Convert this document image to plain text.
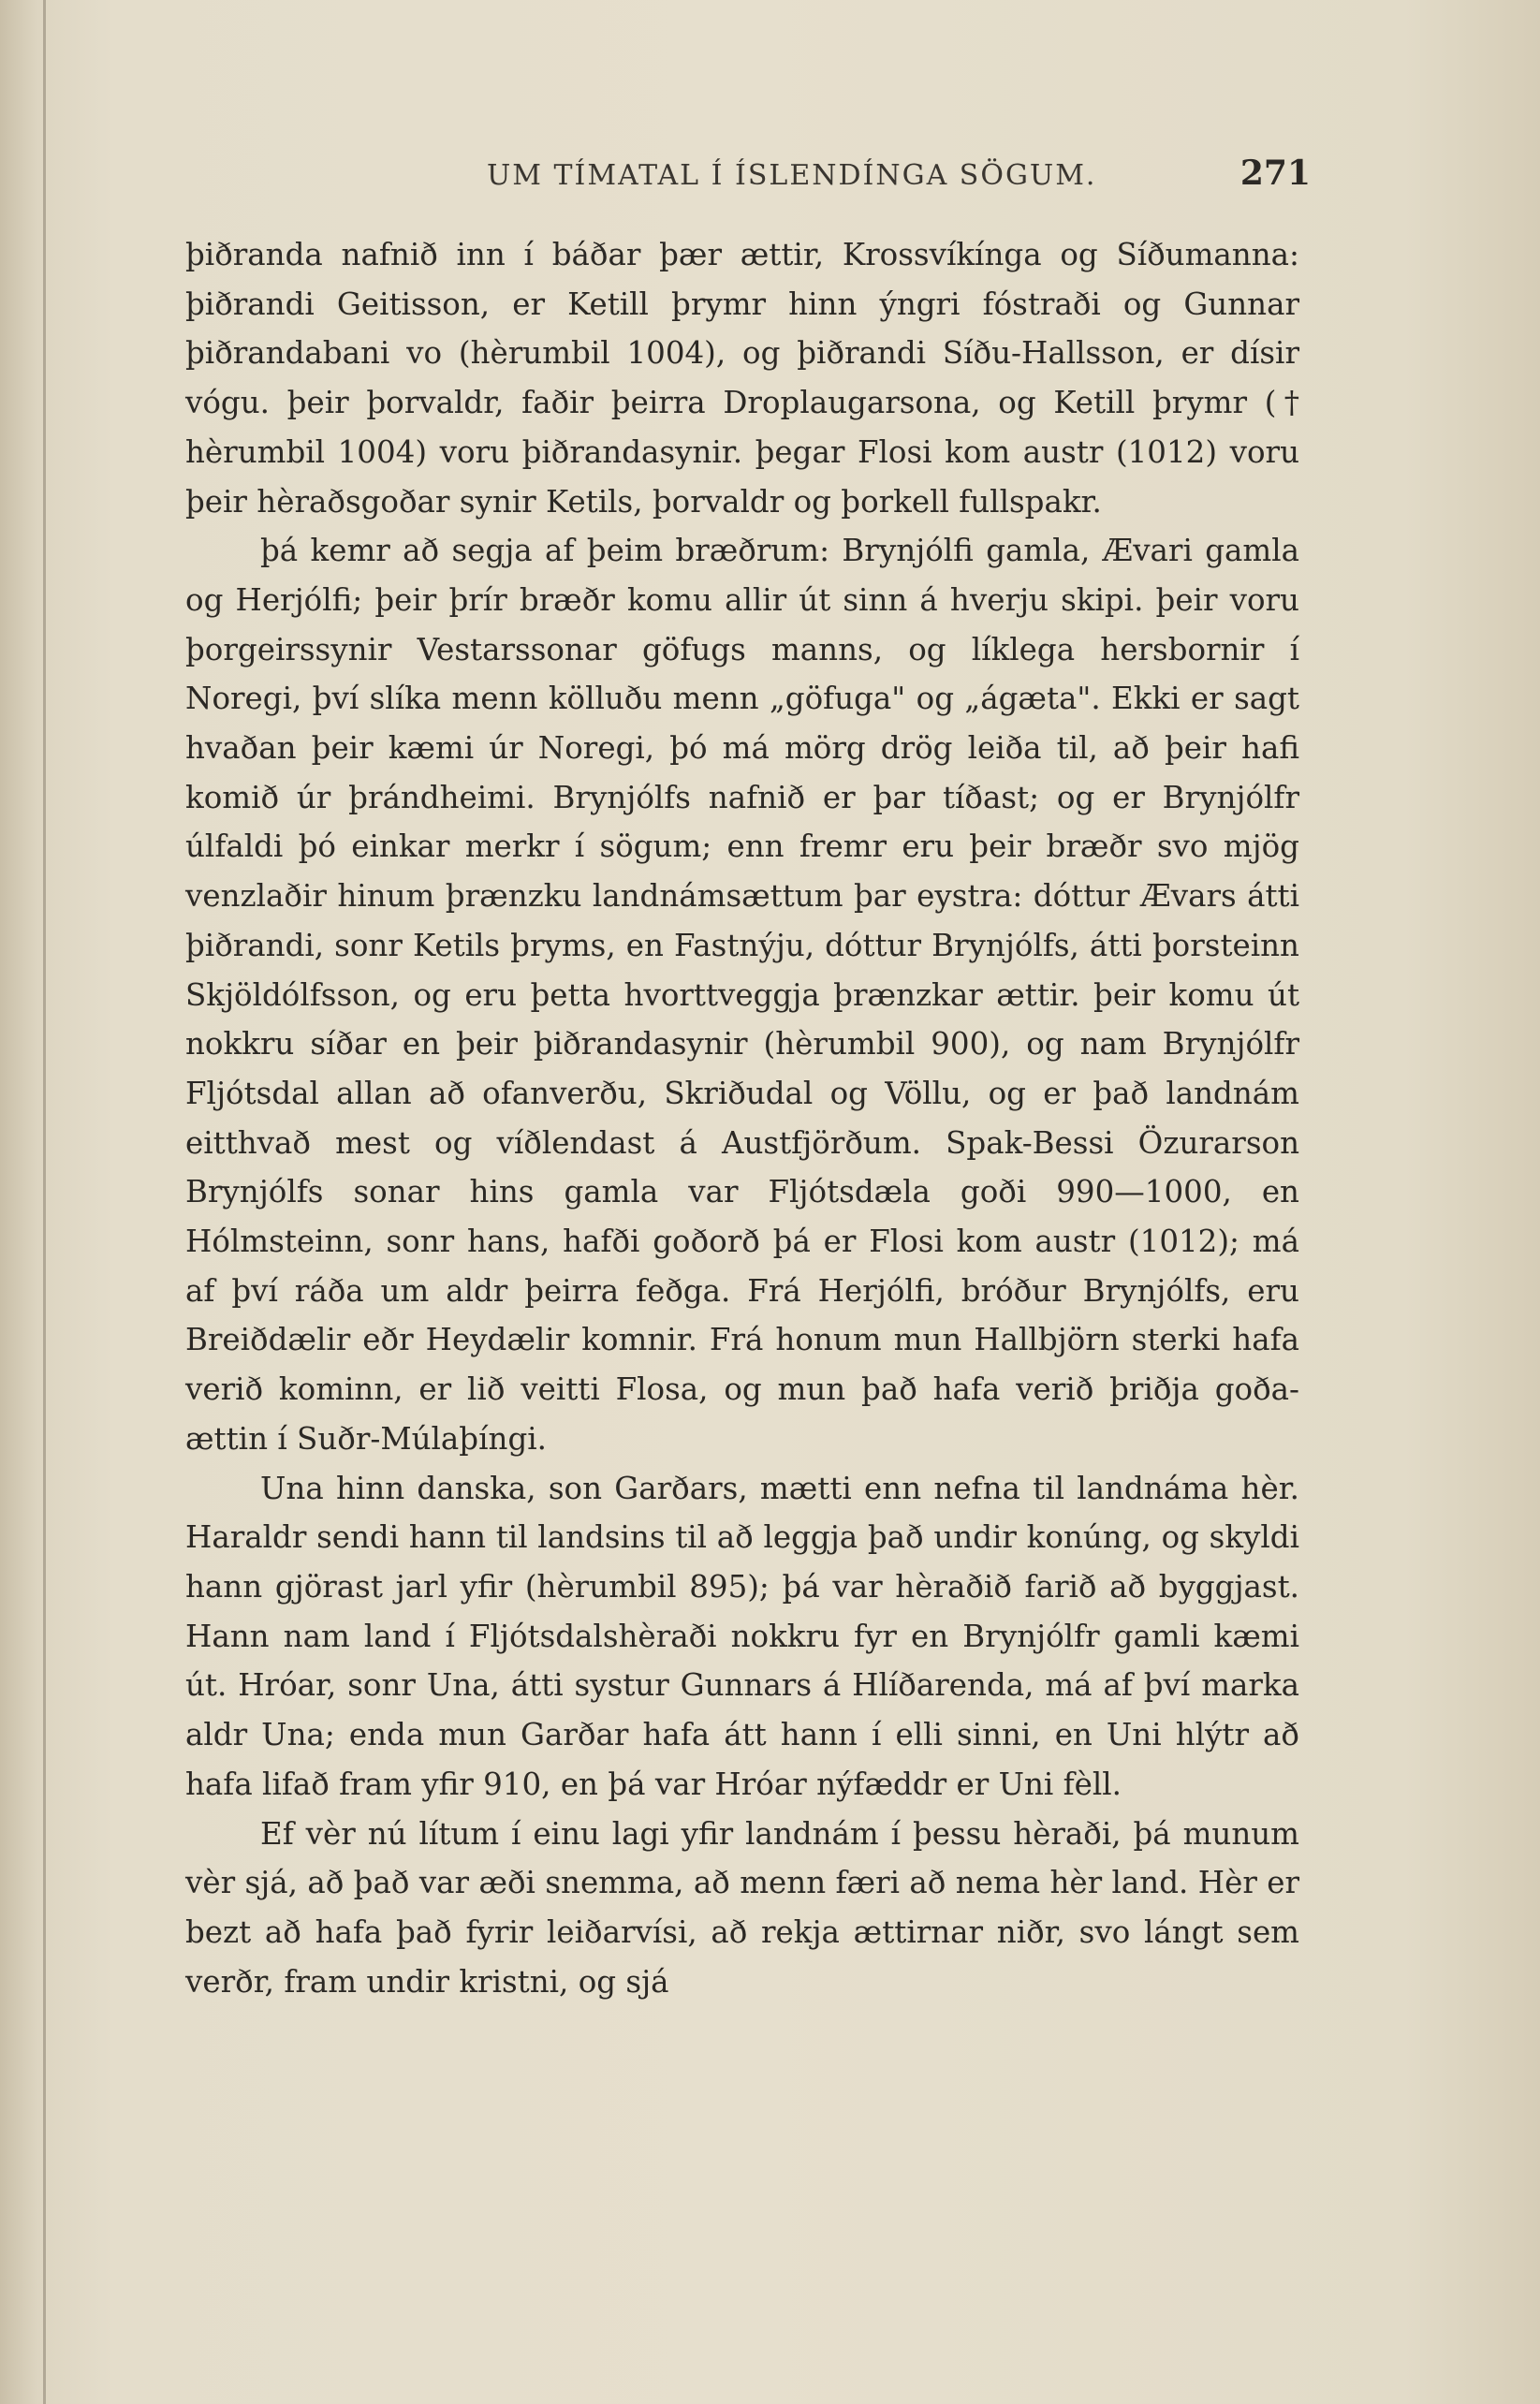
UM TÍMATAL Í ÍSLENDÍNGA SÖGUM.	271

þiðranda nafnið inn í báðar þær ættir, Krossvíkínga og Síðumanna: þiðrandi Geitisson, er Ketill þrymr hinn ýngri fóstraði og Gunnar þiðrandabani vo (hèrumbil 1004), og þiðrandi Síðu-Hallsson, er dísir vógu. þeir þorvaldr, faðir þeirra Droplaugarsona, og Ketill þrymr († hèrumbil 1004) voru þiðrandasynir. þegar Flosi kom austr (1012) voru þeir hèraðsgoðar synir Ketils, þorvaldr og þorkell fullspakr.

þá kemr að segja af þeim bræðrum: Brynjólfi gamla, Ævari gamla og Herjólfi; þeir þrír bræðr komu allir út sinn á hverju skipi. þeir voru þorgeirssynir Vestarssonar göfugs manns, og líklega hersbornir í Noregi, því slíka menn kölluðu menn „göfuga" og „ágæta". Ekki er sagt hvaðan þeir kæmi úr Noregi, þó má mörg drög leiða til, að þeir hafi komið úr þrándheimi. Brynjólfs nafnið er þar tíðast; og er Brynjólfr úlfaldi þó einkar merkr í sögum; enn fremr eru þeir bræðr svo mjög venzlaðir hinum þrænzku landnámsættum þar eystra: dóttur Ævars átti þiðrandi, sonr Ketils þryms, en Fastnýju, dóttur Brynjólfs, átti þorsteinn Skjöldólfsson, og eru þetta hvorttveggja þrænzkar ættir. þeir komu út nokkru síðar en þeir þiðrandasynir (hèrumbil 900), og nam Brynjólfr Fljótsdal allan að ofanverðu, Skriðudal og Völlu, og er það landnám eitthvað mest og víðlendast á Austfjörðum. Spak-Bessi Özurarson Brynjólfs sonar hins gamla var Fljótsdæla goði 990—1000, en Hólmsteinn, sonr hans, hafði goðorð þá er Flosi kom austr (1012); má af því ráða um aldr þeirra feðga. Frá Herjólfi, bróður Brynjólfs, eru Breiðdælir eðr Heydælir komnir. Frá honum mun Hallbjörn sterki hafa verið kominn, er lið veitti Flosa, og mun það hafa verið þriðja goða-ættin í Suðr-Múlaþíngi.

Una hinn danska, son Garðars, mætti enn nefna til landnáma hèr. Haraldr sendi hann til landsins til að leggja það undir konúng, og skyldi hann gjörast jarl yfir (hèrumbil 895); þá var hèraðið farið að byggjast. Hann nam land í Fljótsdalshèraði nokkru fyr en Brynjólfr gamli kæmi út. Hróar, sonr Una, átti systur Gunnars á Hlíðarenda, má af því marka aldr Una; enda mun Garðar hafa átt hann í elli sinni, en Uni hlýtr að hafa lifað fram yfir 910, en þá var Hróar nýfæddr er Uni fèll.

Ef vèr nú lítum í einu lagi yfir landnám í þessu hèraði, þá munum vèr sjá, að það var æði snemma, að menn færi að nema hèr land. Hèr er bezt að hafa það fyrir leiðarvísi, að rekja ættirnar niðr, svo lángt sem verðr, fram undir kristni, og sjá
